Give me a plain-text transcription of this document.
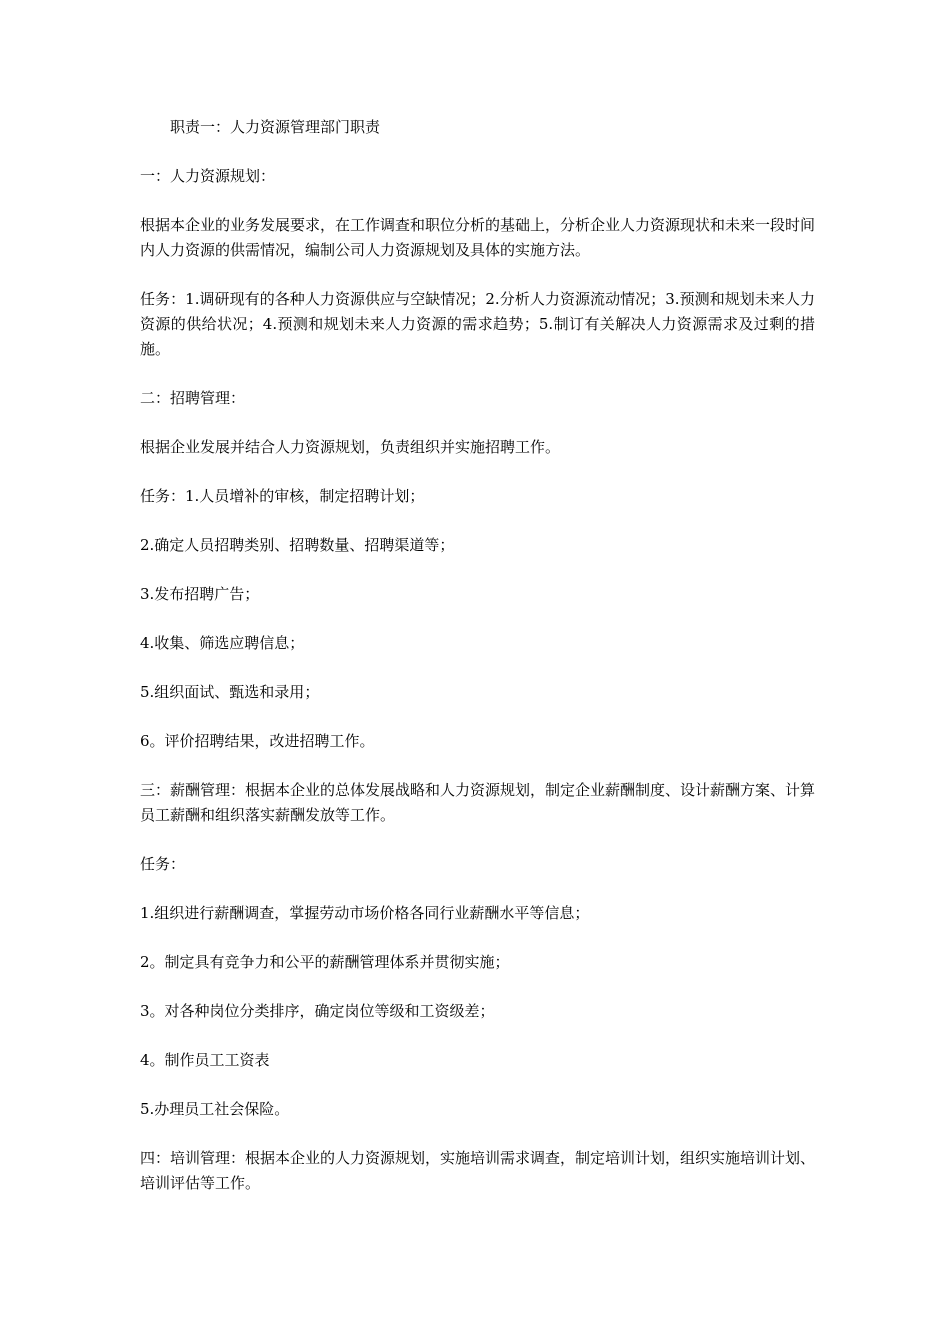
职责一：人力资源管理部门职责

一：人力资源规划：

根据本企业的业务发展要求，在工作调查和职位分析的基础上，分析企业人力资源现状和未来一段时间内人力资源的供需情况，编制公司人力资源规划及具体的实施方法。

任务：1.调研现有的各种人力资源供应与空缺情况；2.分析人力资源流动情况；3.预测和规划未来人力资源的供给状况；4.预测和规划未来人力资源的需求趋势；5.制订有关解决人力资源需求及过剩的措施。

二：招聘管理：

根据企业发展并结合人力资源规划，负责组织并实施招聘工作。

任务：1.人员增补的审核，制定招聘计划；

2.确定人员招聘类别、招聘数量、招聘渠道等；

3.发布招聘广告；

4.收集、筛选应聘信息；

5.组织面试、甄选和录用；

6。评价招聘结果，改进招聘工作。

三：薪酬管理：根据本企业的总体发展战略和人力资源规划，制定企业薪酬制度、设计薪酬方案、计算员工薪酬和组织落实薪酬发放等工作。

任务：

1.组织进行薪酬调查，掌握劳动市场价格各同行业薪酬水平等信息；

2。制定具有竞争力和公平的薪酬管理体系并贯彻实施；

3。对各种岗位分类排序，确定岗位等级和工资级差；

4。制作员工工资表

5.办理员工社会保险。

四：培训管理：根据本企业的人力资源规划，实施培训需求调查，制定培训计划，组织实施培训计划、培训评估等工作。
